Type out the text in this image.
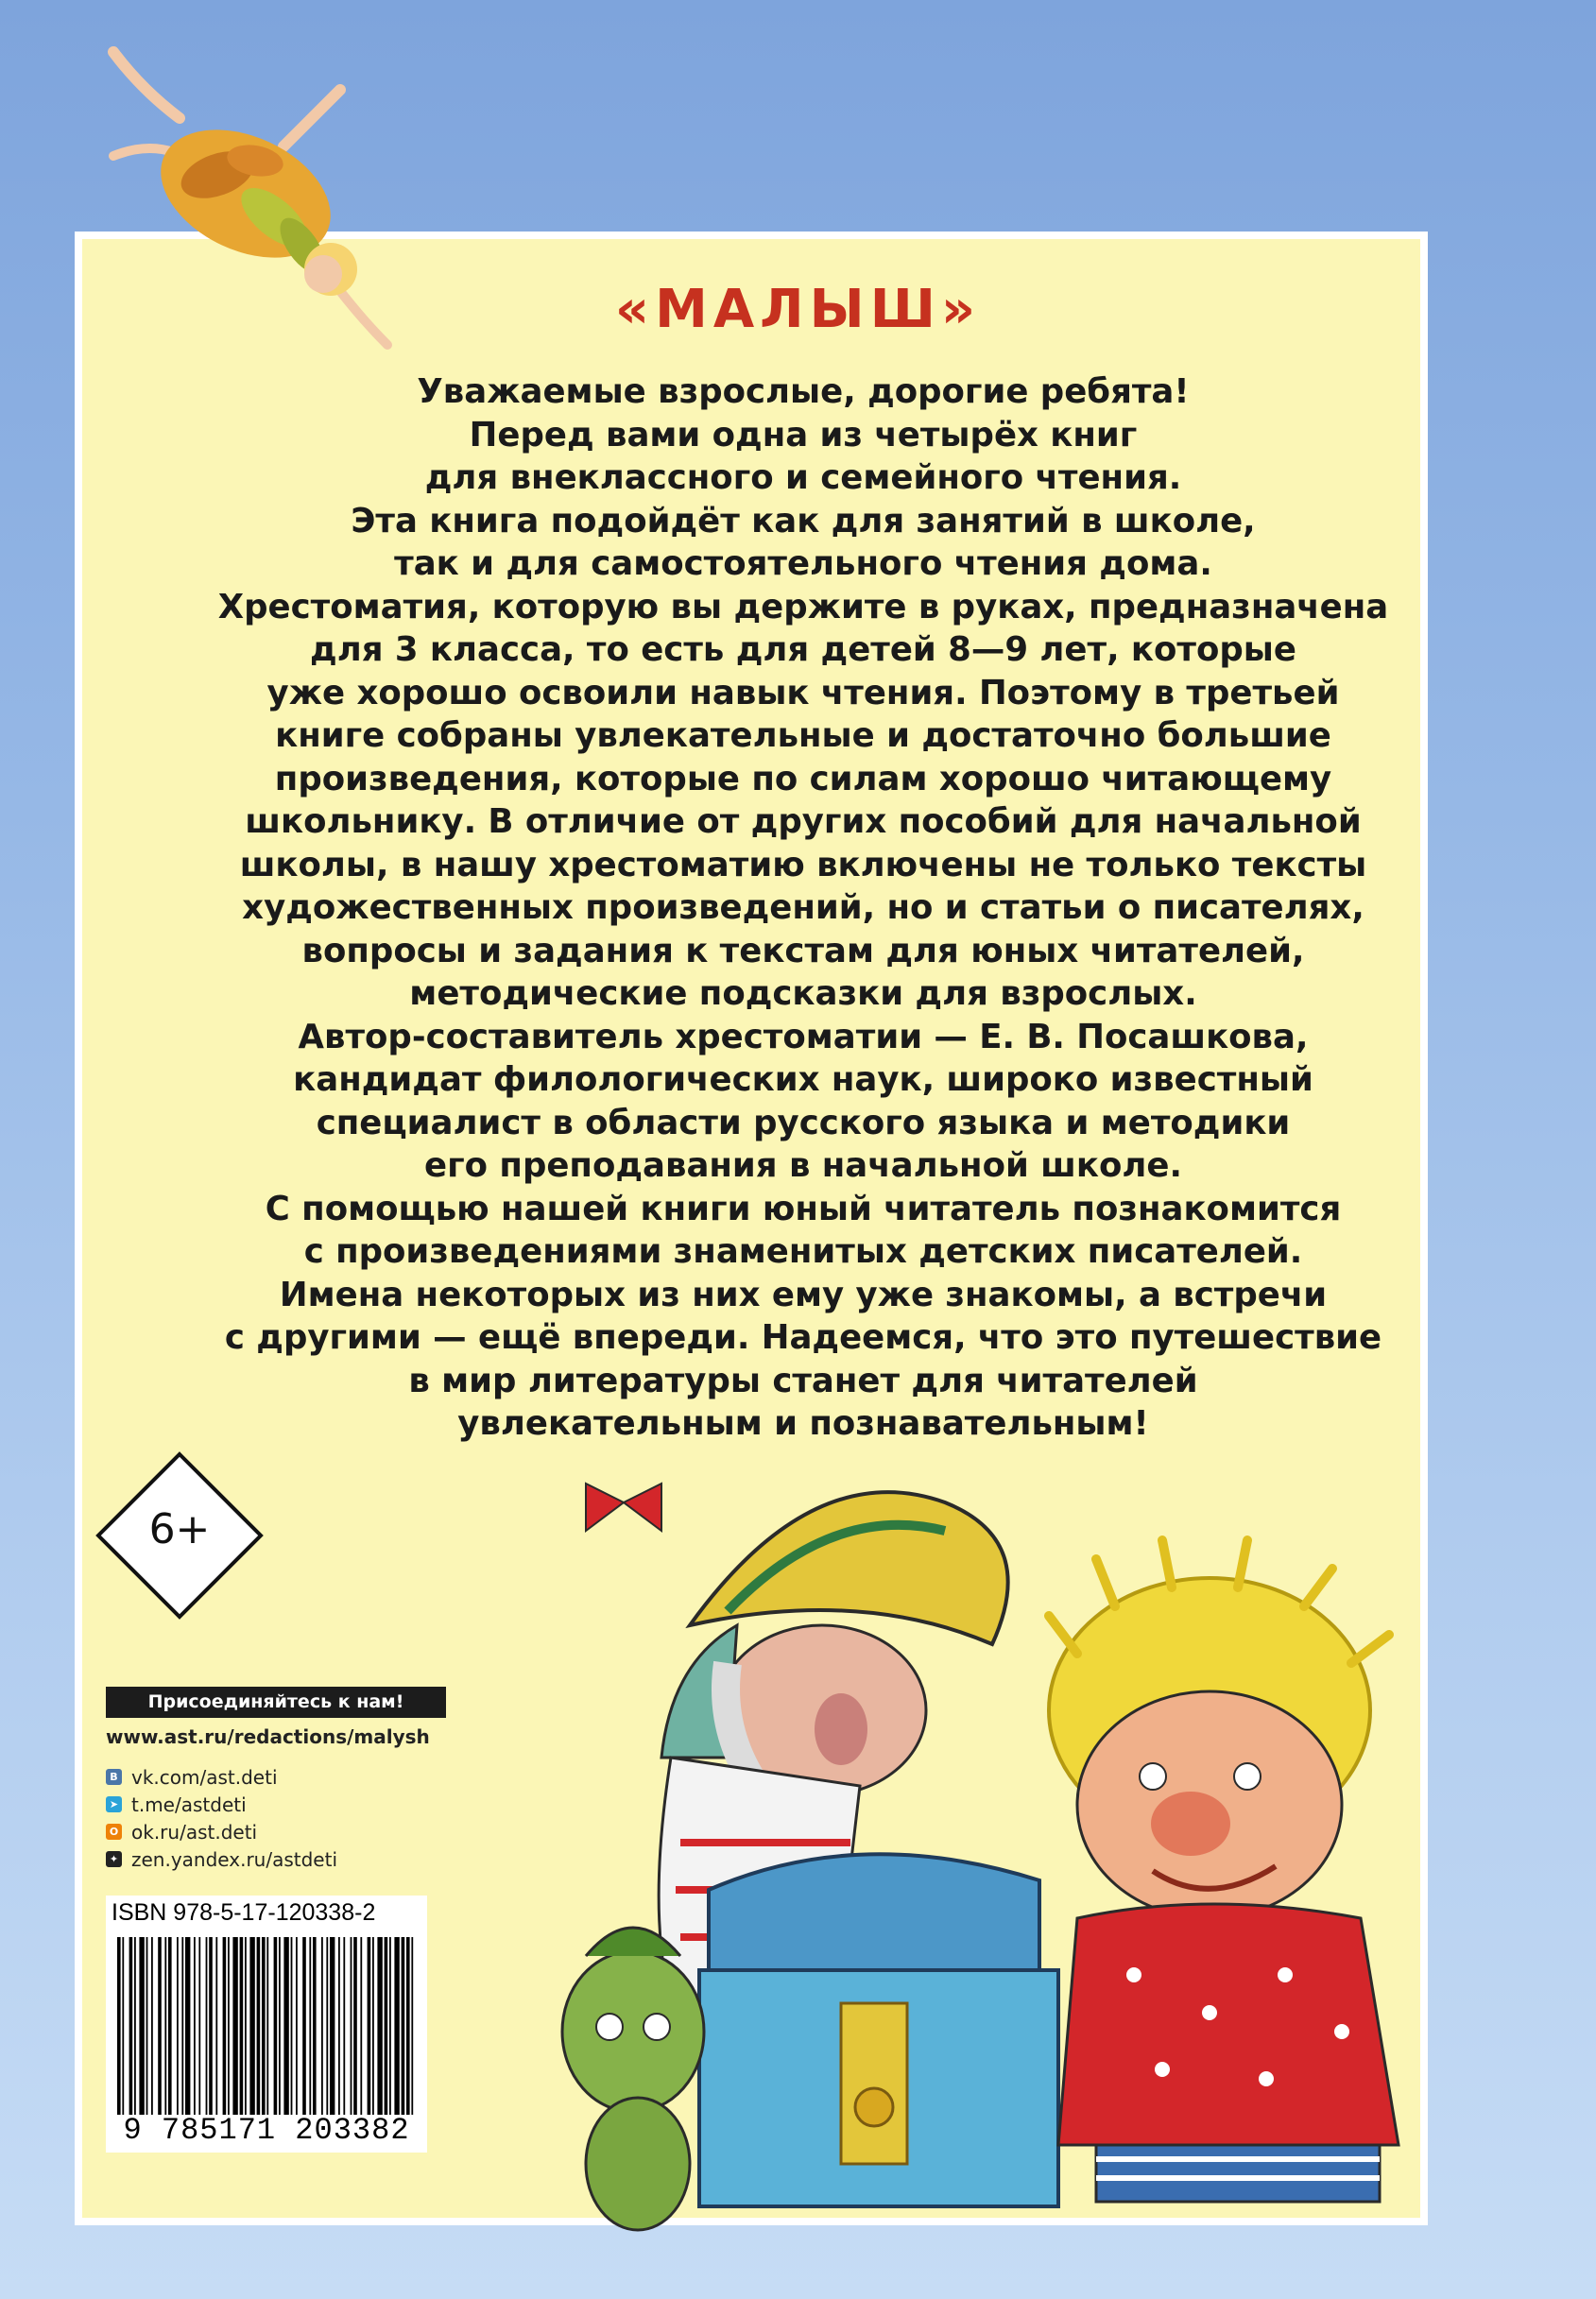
«МАЛЫШ»
Уважаемые взрослые, дорогие ребята!
Перед вами одна из четырёх книг
для внеклассного и семейного чтения.
Эта книга подойдёт как для занятий в школе,
так и для самостоятельного чтения дома.
Хрестоматия, которую вы держите в руках, предназначена
для 3 класса, то есть для детей 8—9 лет, которые
уже хорошо освоили навык чтения. Поэтому в третьей
книге собраны увлекательные и достаточно большие
произведения, которые по силам хорошо читающему
школьнику. В отличие от других пособий для начальной
школы, в нашу хрестоматию включены не только тексты
художественных произведений, но и статьи о писателях,
вопросы и задания к текстам для юных читателей,
методические подсказки для взрослых.
Автор-составитель хрестоматии — Е. В. Посашкова,
кандидат филологических наук, широко известный
специалист в области русского языка и методики
его преподавания в начальной школе.
С помощью нашей книги юный читатель познакомится
с произведениями знаменитых детских писателей.
Имена некоторых из них ему уже знакомы, а встречи
с другими — ещё впереди. Надеемся, что это путешествие
в мир литературы станет для читателей
увлекательным и познавательным!
6+
Присоединяйтесь к нам!
www.ast.ru/redactions/malysh
В vk.com/ast.deti
➤ t.me/astdeti
О ok.ru/ast.deti
✦ zen.yandex.ru/astdeti
ISBN 978-5-17-120338-2
9 785171 203382
